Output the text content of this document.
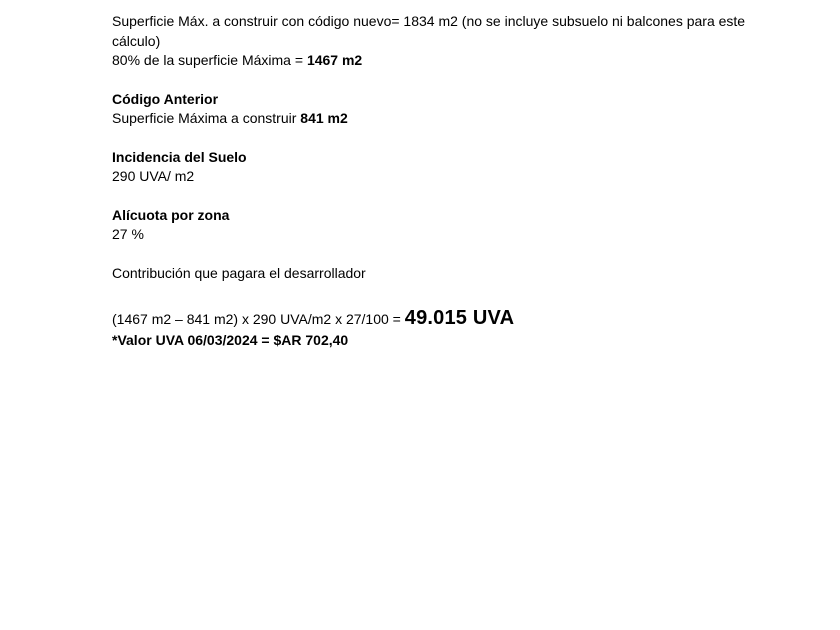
Superficie Máx. a construir con código nuevo= 1834 m2 (no se incluye subsuelo ni balcones para este cálculo)
80% de la superficie Máxima = 1467 m2
Código Anterior
Superficie Máxima a construir 841 m2
Incidencia del Suelo
290 UVA/ m2
Alícuota por zona
27 %
Contribución que pagara el desarrollador
(1467 m2 – 841 m2) x 290 UVA/m2 x 27/100 = 49.015 UVA
*Valor UVA 06/03/2024 = $AR 702,40
